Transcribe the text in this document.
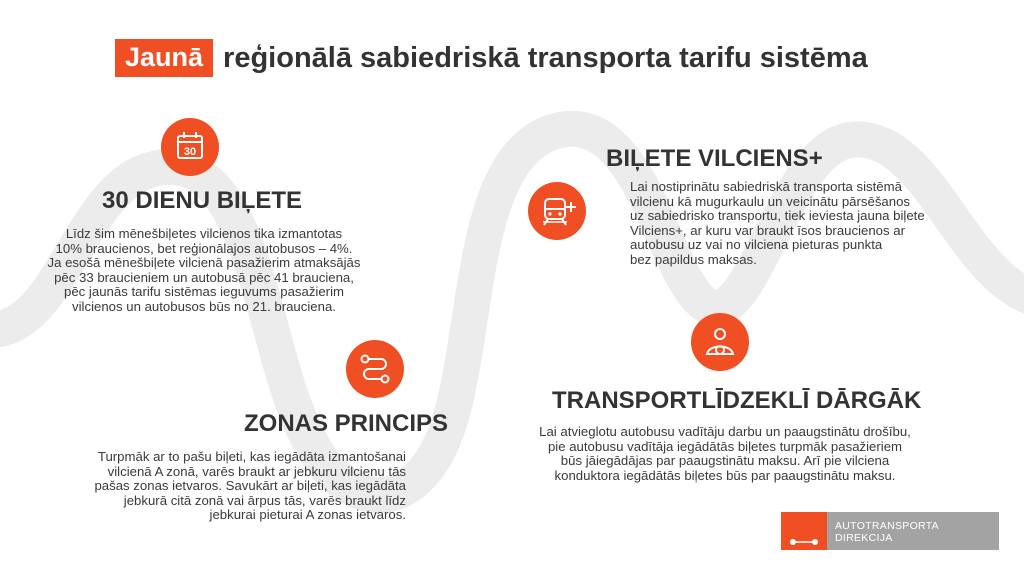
Jaunā reģionālā sabiedriskā transporta tarifu sistēma
30
30 DIENU BIĻETE
Līdz šim mēnešbiļetes vilcienos tika izmantotas
10% braucienos, bet reģionālajos autobusos – 4%.
Ja esošā mēnešbiļete vilcienā pasažierim atmaksājās
pēc 33 braucieniem un autobusā pēc 41 brauciena,
pēc jaunās tarifu sistēmas ieguvums pasažierim
vilcienos un autobusos būs no 21. brauciena.
ZONAS PRINCIPS
Turpmāk ar to pašu biļeti, kas iegādāta izmantošanai
vilcienā A zonā, varēs braukt ar jebkuru vilcienu tās
pašas zonas ietvaros. Savukārt ar biļeti, kas iegādāta
jebkurā citā zonā vai ārpus tās, varēs braukt līdz
jebkurai pieturai A zonas ietvaros.
BIĻETE VILCIENS+
Lai nostiprinātu sabiedriskā transporta sistēmā
vilcienu kā mugurkaulu un veicinātu pārsēšanos
uz sabiedrisko transportu, tiek ieviesta jauna biļete
Vilciens+, ar kuru var braukt īsos braucienos ar
autobusu uz vai no vilciena pieturas punkta
bez papildus maksas.
TRANSPORTLĪDZEKLĪ DĀRGĀK
Lai atvieglotu autobusu vadītāju darbu un paaugstinātu drošību,
pie autobusu vadītāja iegādātās biļetes turpmāk pasažieriem
būs jāiegādājas par paaugstinātu maksu. Arī pie vilciena
konduktora iegādātās biļetes būs par paaugstinātu maksu.
AUTOTRANSPORTA DIREKCIJA
